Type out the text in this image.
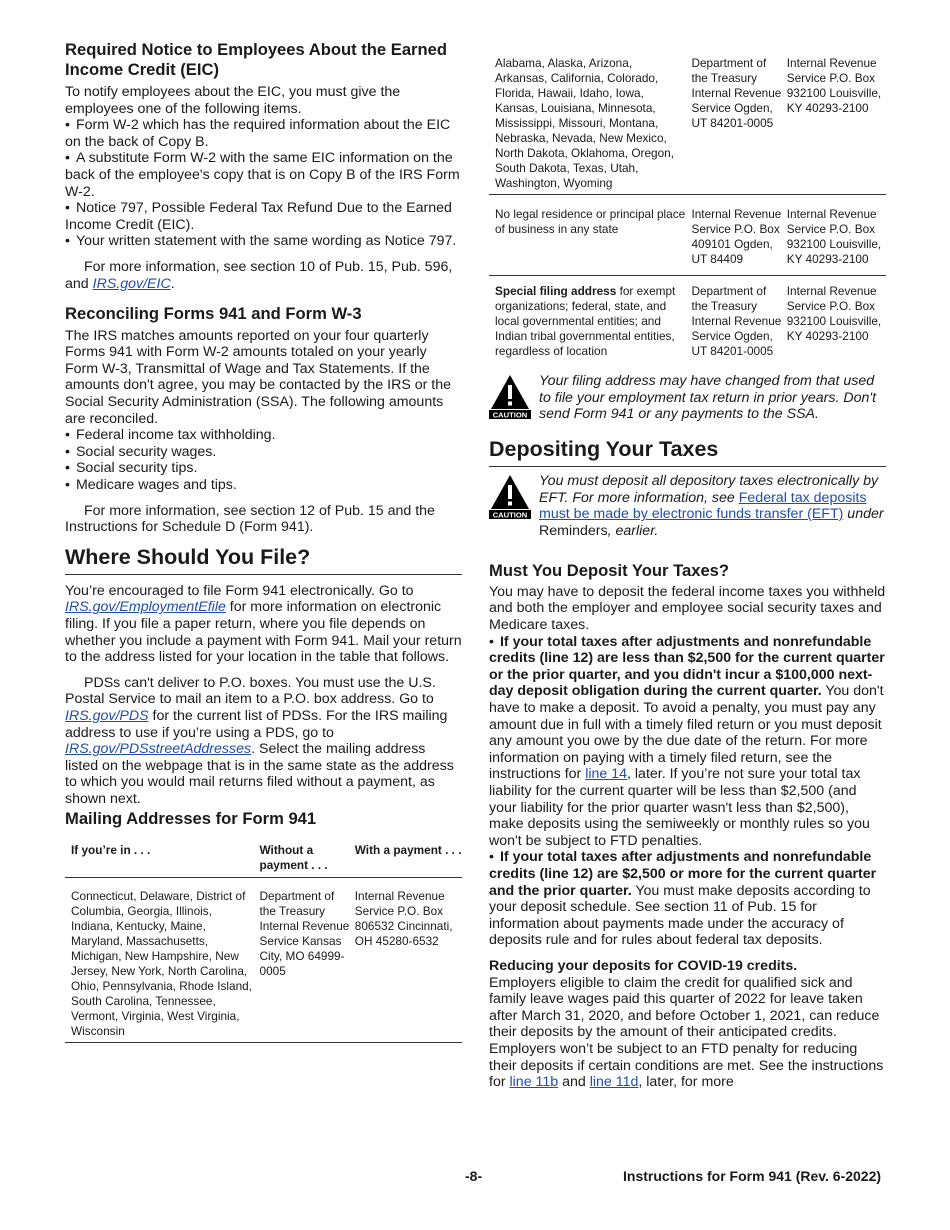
Required Notice to Employees About the Earned Income Credit (EIC)

To notify employees about the EIC, you must give the employees one of the following items.

• Form W-2 which has the required information about the EIC on the back of Copy B.

• A substitute Form W-2 with the same EIC information on the back of the employee's copy that is on Copy B of the IRS Form W-2.

• Notice 797, Possible Federal Tax Refund Due to the Earned Income Credit (EIC).

• Your written statement with the same wording as Notice 797.

For more information, see section 10 of Pub. 15, Pub. 596, and IRS.gov/EIC.

Reconciling Forms 941 and Form W-3

The IRS matches amounts reported on your four quarterly Forms 941 with Form W-2 amounts totaled on your yearly Form W-3, Transmittal of Wage and Tax Statements. If the amounts don't agree, you may be contacted by the IRS or the Social Security Administration (SSA). The following amounts are reconciled.

• Federal income tax withholding.

• Social security wages.

• Social security tips.

• Medicare wages and tips.

For more information, see section 12 of Pub. 15 and the Instructions for Schedule D (Form 941).

Where Should You File?

You’re encouraged to file Form 941 electronically. Go to IRS.gov/EmploymentEfile for more information on electronic filing. If you file a paper return, where you file depends on whether you include a payment with Form 941. Mail your return to the address listed for your location in the table that follows.

PDSs can't deliver to P.O. boxes. You must use the U.S. Postal Service to mail an item to a P.O. box address. Go to IRS.gov/PDS for the current list of PDSs. For the IRS mailing address to use if you’re using a PDS, go to IRS.gov/PDSstreetAddresses. Select the mailing address listed on the webpage that is in the same state as the address to which you would mail returns filed without a payment, as shown next.

Mailing Addresses for Form 941
If you’re in . . .	Without a payment . . .	With a payment . . .
Connecticut, Delaware, District of Columbia, Georgia, Illinois, Indiana, Kentucky, Maine, Maryland, Massachusetts, Michigan, New Hampshire, New Jersey, New York, North Carolina, Ohio, Pennsylvania, Rhode Island, South Carolina, Tennessee, Vermont, Virginia, West Virginia, Wisconsin	Department of the Treasury Internal Revenue Service Kansas City, MO 64999-0005	Internal Revenue Service P.O. Box 806532 Cincinnati, OH 45280-6532
Alabama, Alaska, Arizona, Arkansas, California, Colorado, Florida, Hawaii, Idaho, Iowa, Kansas, Louisiana, Minnesota, Mississippi, Missouri, Montana, Nebraska, Nevada, New Mexico, North Dakota, Oklahoma, Oregon, South Dakota, Texas, Utah, Washington, Wyoming	Department of the Treasury Internal Revenue Service Ogden, UT 84201-0005	Internal Revenue Service P.O. Box 932100 Louisville, KY 40293-2100
No legal residence or principal place of business in any state	Internal Revenue Service P.O. Box 409101 Ogden, UT 84409	Internal Revenue Service P.O. Box 932100 Louisville, KY 40293-2100
Special filing address for exempt organizations; federal, state, and local governmental entities; and Indian tribal governmental entities, regardless of location	Department of the Treasury Internal Revenue Service Ogden, UT 84201-0005	Internal Revenue Service P.O. Box 932100 Louisville, KY 40293-2100
CAUTION
Your filing address may have changed from that used to file your employment tax return in prior years. Don't send Form 941 or any payments to the SSA.
Depositing Your Taxes
CAUTION
You must deposit all depository taxes electronically by EFT. For more information, see Federal tax deposits must be made by electronic funds transfer (EFT) under Reminders, earlier.
Must You Deposit Your Taxes?

You may have to deposit the federal income taxes you withheld and both the employer and employee social security taxes and Medicare taxes.

• If your total taxes after adjustments and nonrefundable credits (line 12) are less than $2,500 for the current quarter or the prior quarter, and you didn't incur a $100,000 next-day deposit obligation during the current quarter. You don't have to make a deposit. To avoid a penalty, you must pay any amount due in full with a timely filed return or you must deposit any amount you owe by the due date of the return. For more information on paying with a timely filed return, see the instructions for line 14, later. If you’re not sure your total tax liability for the current quarter will be less than $2,500 (and your liability for the prior quarter wasn't less than $2,500), make deposits using the semiweekly or monthly rules so you won't be subject to FTD penalties.

• If your total taxes after adjustments and nonrefundable credits (line 12) are $2,500 or more for the current quarter and the prior quarter. You must make deposits according to your deposit schedule. See section 11 of Pub. 15 for information about payments made under the accuracy of deposits rule and for rules about federal tax deposits.

Reducing your deposits for COVID-19 credits.

Employers eligible to claim the credit for qualified sick and family leave wages paid this quarter of 2022 for leave taken after March 31, 2020, and before October 1, 2021, can reduce their deposits by the amount of their anticipated credits. Employers won’t be subject to an FTD penalty for reducing their deposits if certain conditions are met. See the instructions for line 11b and line 11d, later, for more

-8-	Instructions for Form 941 (Rev. 6-2022)
